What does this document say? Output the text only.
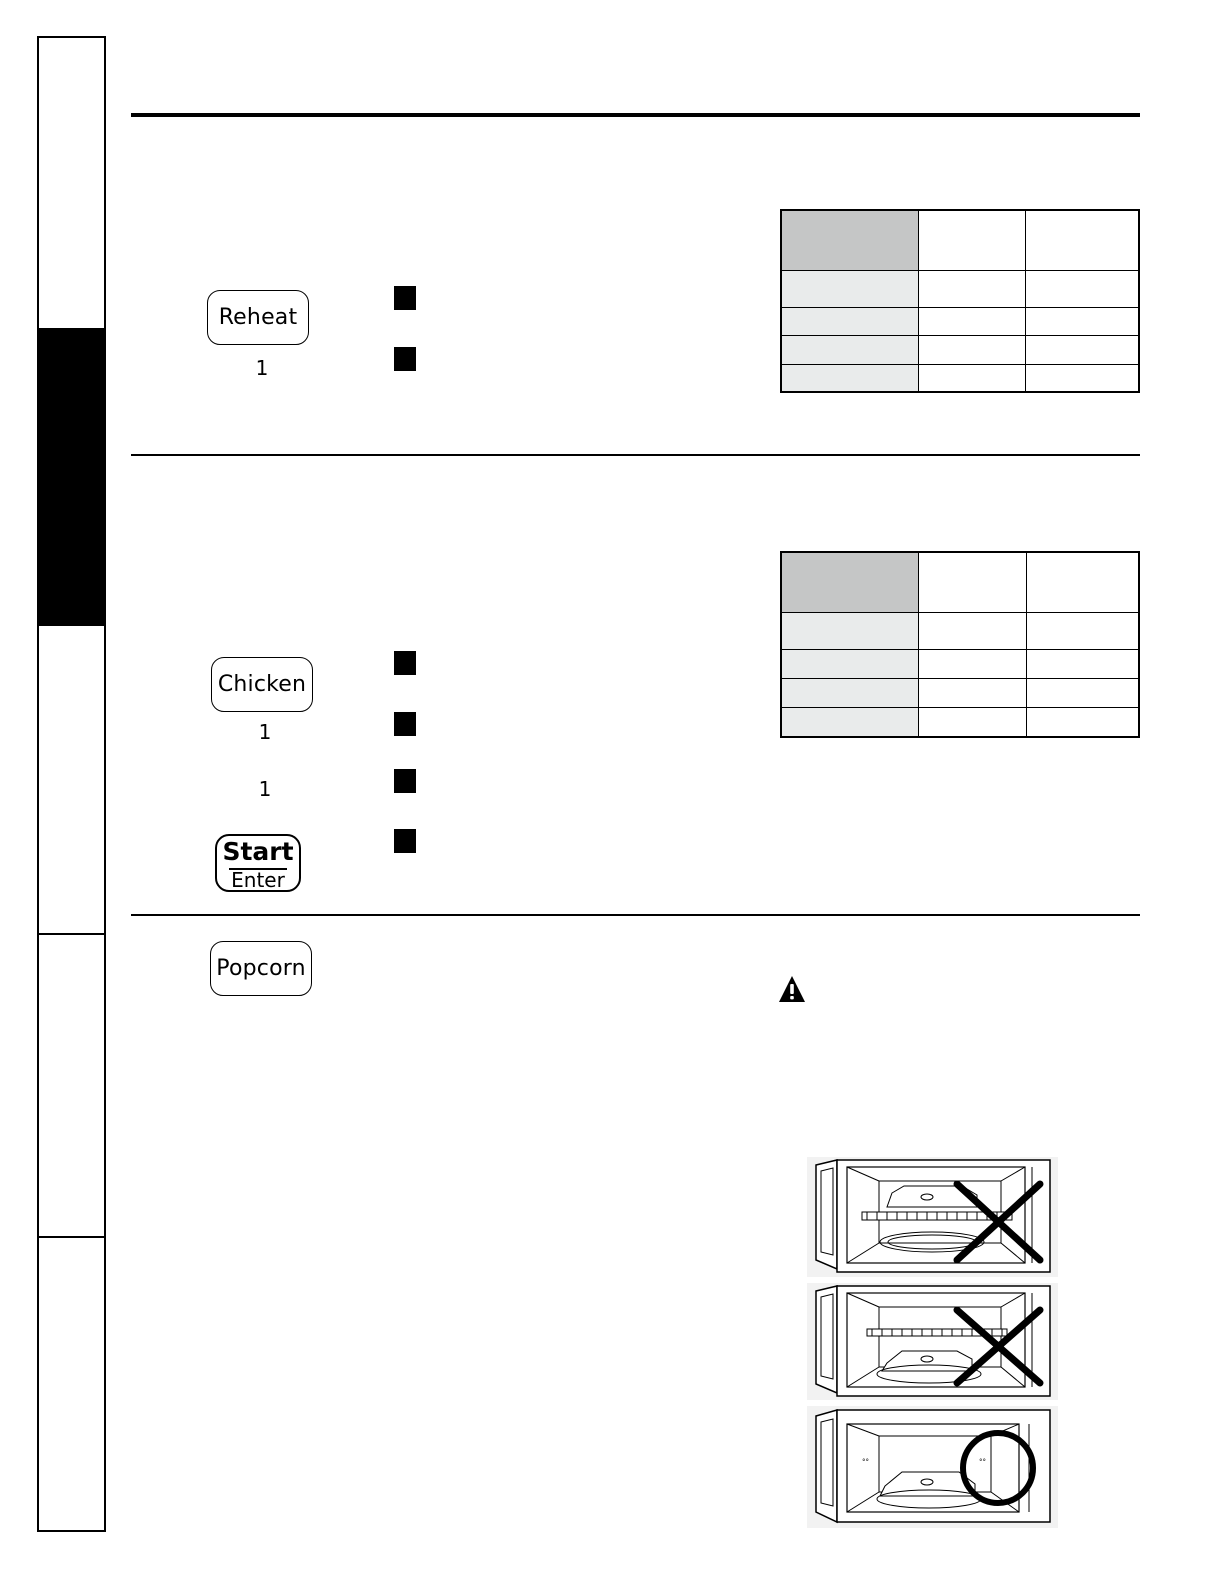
Reheat
1

Chicken
1
1
Start
Enter

Popcorn
°°	°°
